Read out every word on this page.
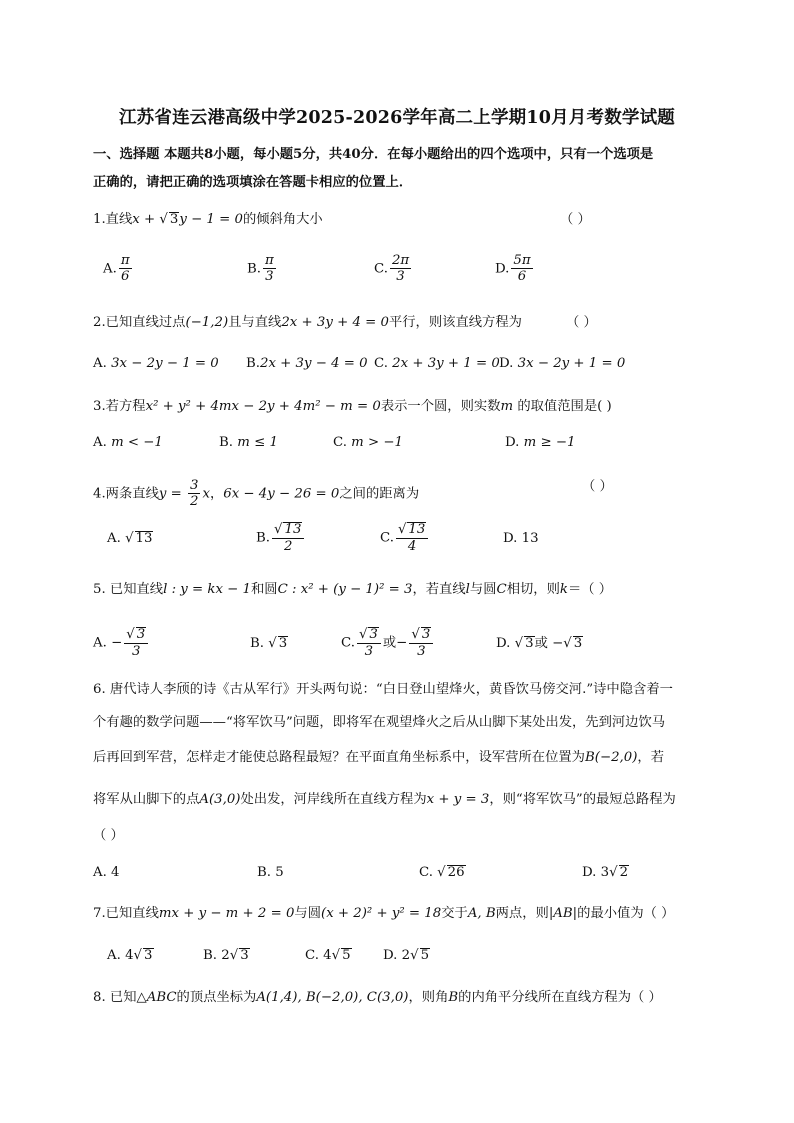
江苏省连云港高级中学2025-2026学年高二上学期10月月考数学试题
一、选择题 本题共8小题，每小题5分，共40分．在每小题给出的四个选项中，只有一个选项是
正确的，请把正确的选项填涂在答题卡相应的位置上．
1.直线x + √ 3y − 1 = 0的倾斜角大小	（ ）
A. $\frac{\pi}{6}$	B. $\frac{\pi}{3}$	C. $\frac{2\pi}{3}$	D. $\frac{5\pi}{6}$
2.已知直线过点(−1,2)且与直线2x + 3y + 4 = 0平行，则该直线方程为	（ ）
A. 3x − 2y − 1 = 0 B.2x + 3y − 4 = 0 C. 2x + 3y + 1 = 0 D. 3x − 2y + 1 = 0
3.若方程x² + y² + 4mx − 2y + 4m² − m = 0表示一个圆，则实数m 的取值范围是( )
A. m < −1	B. m ≤ 1	C. m > −1	D. m ≥ −1
4.两条直线$y = \frac{3}{2}$ x，6x − 4y − 26 = 0之间的距离为	（ ）
A. √ 13	B. $\frac{√ 13}{2}$	C. $\frac{√ 13}{4}$	D. 13
5. 已知直线l : y = kx − 1和圆C : x² + (y − 1)² = 3，若直线l与圆C相切，则k＝（ ）
A. − $\frac{√ 3}{3}$	B. √ 3	C. $\frac{√ 3}{3}$ 或− $\frac{√ 3}{3}$	D. √ 3或 −√ 3
6. 唐代诗人李颀的诗《古从军行》开头两句说：“白日登山望烽火，黄昏饮马傍交河.”诗中隐含着一
个有趣的数学问题——“将军饮马”问题，即将军在观望烽火之后从山脚下某处出发，先到河边饮马
后再回到军营，怎样走才能使总路程最短？在平面直角坐标系中，设军营所在位置为B(−2,0)，若
将军从山脚下的点A(3,0)处出发，河岸线所在直线方程为x + y = 3，则“将军饮马”的最短总路程为
（ ）
A. 4	B. 5	C. √ 26	D. 3√ 2
7.已知直线mx + y − m + 2 = 0与圆(x + 2)² + y² = 18交于A, B两点，则|AB|的最小值为（ ）
A. 4√ 3	B. 2√ 3	C. 4√ 5 D. 2√ 5
8. 已知△ABC的顶点坐标为A(1,4), B(−2,0), C(3,0)，则角B的内角平分线所在直线方程为（ ）
